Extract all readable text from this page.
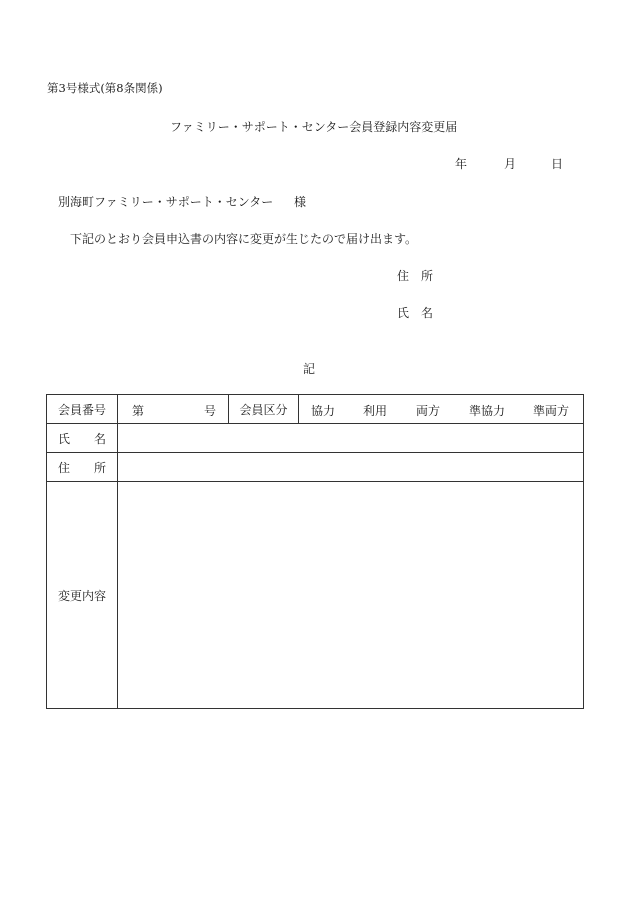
第3号様式(第8条関係)
ファミリー・サポート・センター会員登録内容変更届
年	月	日
別海町ファミリー・サポート・センター 様
下記のとおり会員申込書の内容に変更が生じたので届け出ます。
住所
氏名
記
会員番号	第 号	会員区分	協力 利用 両方 準協力 準両方

氏　　名			
住　　所			
変更内容			
